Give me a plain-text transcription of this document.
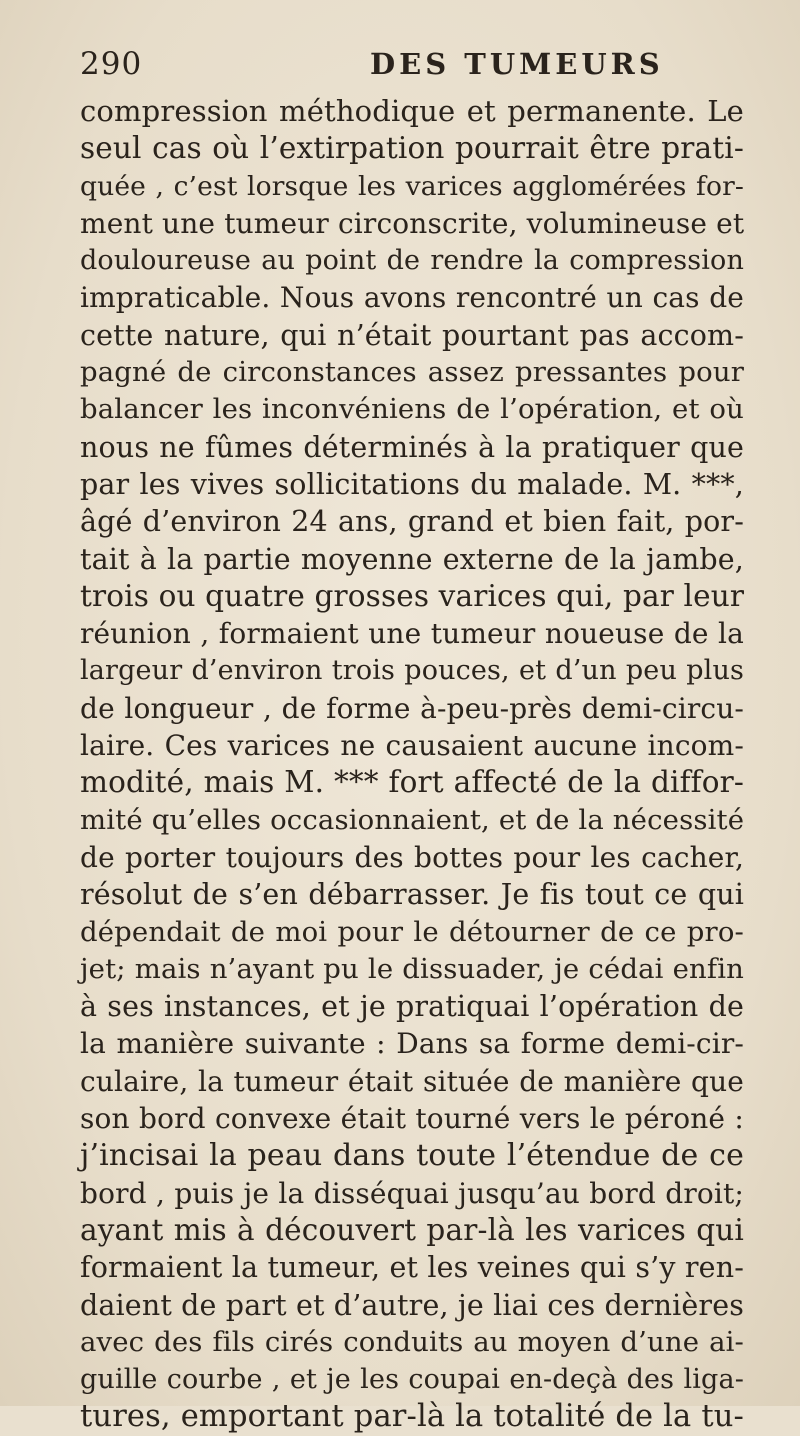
290	DES TUMEURS
compression méthodique et permanente. Le
seul cas où l’extirpation pourrait être prati-
quée , c’est lorsque les varices agglomérées for-
ment une tumeur circonscrite, volumineuse et
douloureuse au point de rendre la compression
impraticable. Nous avons rencontré un cas de
cette nature, qui n’était pourtant pas accom-
pagné de circonstances assez pressantes pour
balancer les inconvéniens de l’opération, et où
nous ne fûmes déterminés à la pratiquer que
par les vives sollicitations du malade. M. ***,
âgé d’environ 24 ans, grand et bien fait, por-
tait à la partie moyenne externe de la jambe,
trois ou quatre grosses varices qui, par leur
réunion , formaient une tumeur noueuse de la
largeur d’environ trois pouces, et d’un peu plus
de longueur , de forme à-peu-près demi-circu-
laire. Ces varices ne causaient aucune incom-
modité, mais M. *** fort affecté de la diffor-
mité qu’elles occasionnaient, et de la nécessité
de porter toujours des bottes pour les cacher,
résolut de s’en débarrasser. Je fis tout ce qui
dépendait de moi pour le détourner de ce pro-
jet; mais n’ayant pu le dissuader, je cédai enfin
à ses instances, et je pratiquai l’opération de
la manière suivante : Dans sa forme demi-cir-
culaire, la tumeur était située de manière que
son bord convexe était tourné vers le péroné :
j’incisai la peau dans toute l’étendue de ce
bord , puis je la disséquai jusqu’au bord droit;
ayant mis à découvert par-là les varices qui
formaient la tumeur, et les veines qui s’y ren-
daient de part et d’autre, je liai ces dernières
avec des fils cirés conduits au moyen d’une ai-
guille courbe , et je les coupai en-deçà des liga-
tures, emportant par-là la totalité de la tu-
